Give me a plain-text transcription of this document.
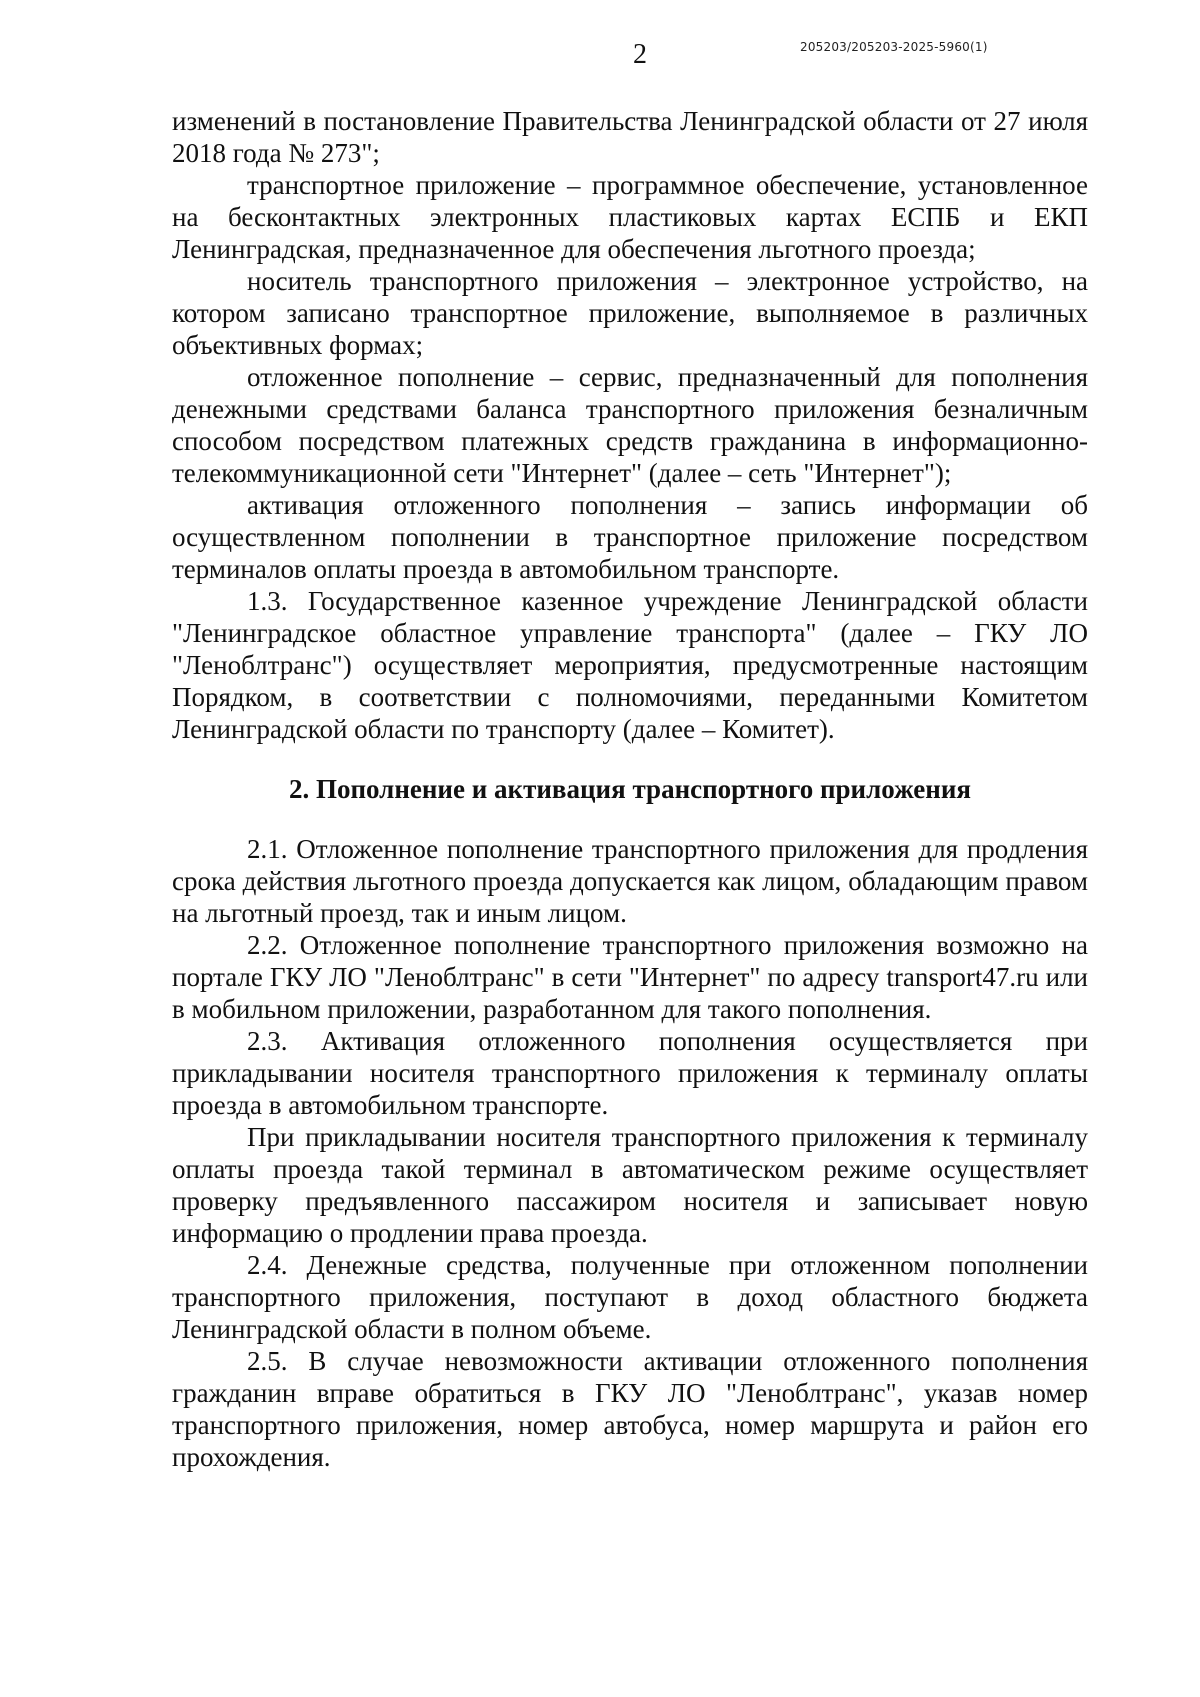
2	205203/205203-2025-5960(1)

изменений в постановление Правительства Ленинградской области от 27 июля 2018 года № 273";

транспортное приложение – программное обеспечение, установленное на бесконтактных электронных пластиковых картах ЕСПБ и ЕКП Ленинградская, предназначенное для обеспечения льготного проезда;

носитель транспортного приложения – электронное устройство, на котором записано транспортное приложение, выполняемое в различных объективных формах;

отложенное пополнение – сервис, предназначенный для пополнения денежными средствами баланса транспортного приложения безналичным способом посредством платежных средств гражданина в информационно-телекоммуникационной сети "Интернет" (далее – сеть "Интернет");

активация отложенного пополнения – запись информации об осуществленном пополнении в транспортное приложение посредством терминалов оплаты проезда в автомобильном транспорте.

1.3. Государственное казенное учреждение Ленинградской области "Ленинградское областное управление транспорта" (далее – ГКУ ЛО "Леноблтранс") осуществляет мероприятия, предусмотренные настоящим Порядком, в соответствии с полномочиями, переданными Комитетом Ленинградской области по транспорту (далее – Комитет).

2. Пополнение и активация транспортного приложения

2.1. Отложенное пополнение транспортного приложения для продления срока действия льготного проезда допускается как лицом, обладающим правом на льготный проезд, так и иным лицом.

2.2. Отложенное пополнение транспортного приложения возможно на портале ГКУ ЛО "Леноблтранс" в сети "Интернет" по адресу transport47.ru или в мобильном приложении, разработанном для такого пополнения.

2.3. Активация отложенного пополнения осуществляется при прикладывании носителя транспортного приложения к терминалу оплаты проезда в автомобильном транспорте.

При прикладывании носителя транспортного приложения к терминалу оплаты проезда такой терминал в автоматическом режиме осуществляет проверку предъявленного пассажиром носителя и записывает новую информацию о продлении права проезда.

2.4. Денежные средства, полученные при отложенном пополнении транспортного приложения, поступают в доход областного бюджета Ленинградской области в полном объеме.

2.5. В случае невозможности активации отложенного пополнения гражданин вправе обратиться в ГКУ ЛО "Леноблтранс", указав номер транспортного приложения, номер автобуса, номер маршрута и район его прохождения.
